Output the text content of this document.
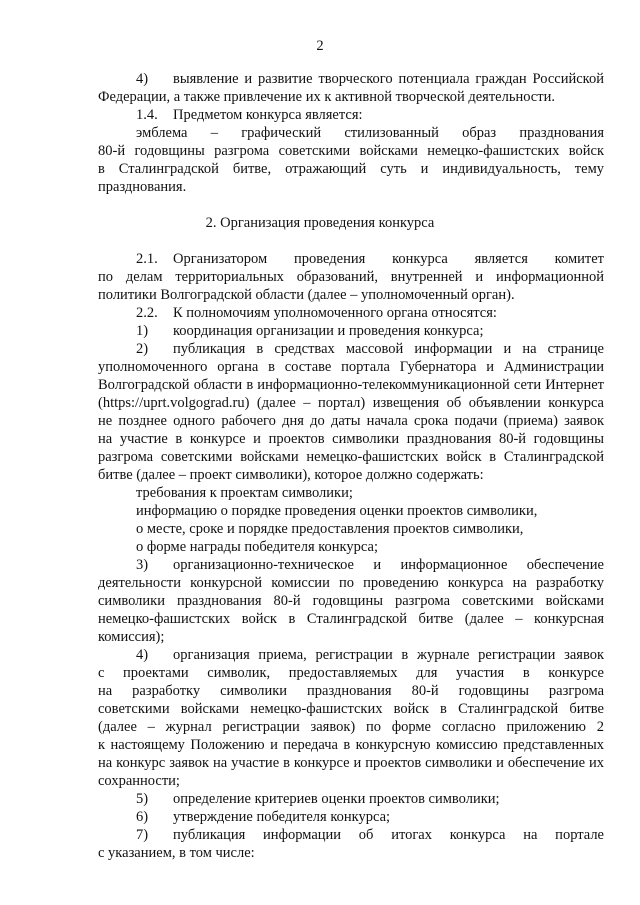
2
4) выявление и развитие творческого потенциала граждан Российской
Федерации, а также привлечение их к активной творческой деятельности.
1.4. Предметом конкурса является:
эмблема – графический стилизованный образ празднования
80-й годовщины разгрома советскими войсками немецко-фашистских войск
в Сталинградской битве, отражающий суть и индивидуальность, тему
празднования.
2. Организация проведения конкурса
2.1. Организатором проведения конкурса является комитет
по делам территориальных образований, внутренней и информационной
политики Волгоградской области (далее – уполномоченный орган).
2.2. К полномочиям уполномоченного органа относятся:
1) координация организации и проведения конкурса;
2) публикация в средствах массовой информации и на странице
уполномоченного органа в составе портала Губернатора и Администрации
Волгоградской области в информационно-телекоммуникационной сети Интернет
(https://uprt.volgograd.ru) (далее – портал) извещения об объявлении конкурса
не позднее одного рабочего дня до даты начала срока подачи (приема) заявок
на участие в конкурсе и проектов символики празднования 80-й годовщины
разгрома советскими войсками немецко-фашистских войск в Сталинградской
битве (далее – проект символики), которое должно содержать:
требования к проектам символики;
информацию о порядке проведения оценки проектов символики,
о месте, сроке и порядке предоставления проектов символики,
о форме награды победителя конкурса;
3) организационно-техническое и информационное обеспечение
деятельности конкурсной комиссии по проведению конкурса на разработку
символики празднования 80-й годовщины разгрома советскими войсками
немецко-фашистских войск в Сталинградской битве (далее – конкурсная
комиссия);
4) организация приема, регистрации в журнале регистрации заявок
с проектами символик, предоставляемых для участия в конкурсе
на разработку символики празднования 80-й годовщины разгрома
советскими войсками немецко-фашистских войск в Сталинградской битве
(далее – журнал регистрации заявок) по форме согласно приложению 2
к настоящему Положению и передача в конкурсную комиссию представленных
на конкурс заявок на участие в конкурсе и проектов символики и обеспечение их
сохранности;
5) определение критериев оценки проектов символики;
6) утверждение победителя конкурса;
7) публикация информации об итогах конкурса на портале
с указанием, в том числе:
